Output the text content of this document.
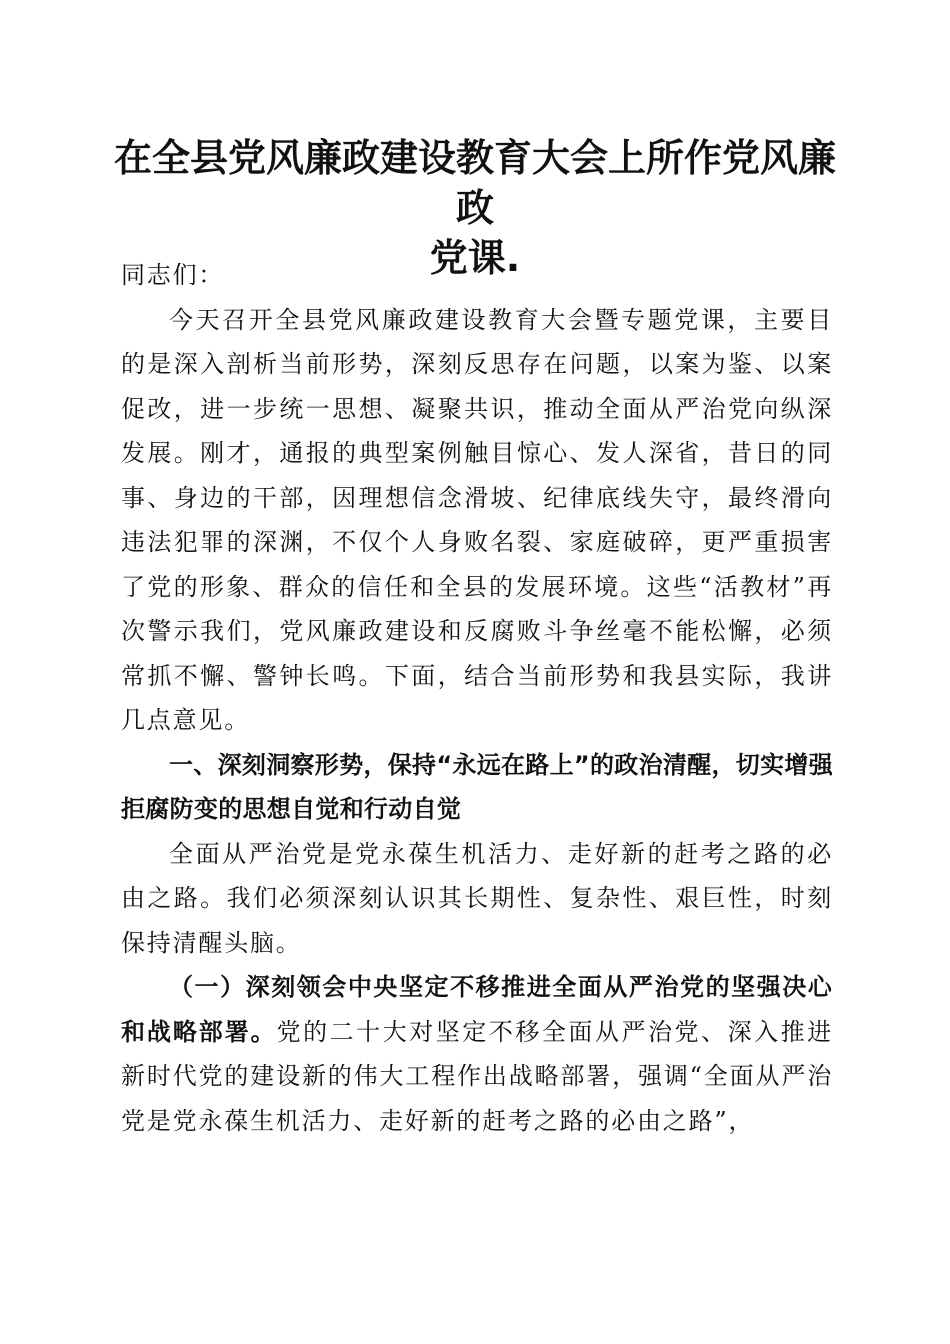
在全县党风廉政建设教育大会上所作党风廉政
党课.

同志们：

今天召开全县党风廉政建设教育大会暨专题党课，主要目的是深入剖析当前形势，深刻反思存在问题，以案为鉴、以案促改，进一步统一思想、凝聚共识，推动全面从严治党向纵深发展。刚才，通报的典型案例触目惊心、发人深省，昔日的同事、身边的干部，因理想信念滑坡、纪律底线失守，最终滑向违法犯罪的深渊，不仅个人身败名裂、家庭破碎，更严重损害了党的形象、群众的信任和全县的发展环境。这些“活教材”再次警示我们，党风廉政建设和反腐败斗争丝毫不能松懈，必须常抓不懈、警钟长鸣。下面，结合当前形势和我县实际，我讲几点意见。

一、深刻洞察形势，保持“永远在路上”的政治清醒，切实增强拒腐防变的思想自觉和行动自觉

全面从严治党是党永葆生机活力、走好新的赶考之路的必由之路。我们必须深刻认识其长期性、复杂性、艰巨性，时刻保持清醒头脑。

（一）深刻领会中央坚定不移推进全面从严治党的坚强决心和战略部署。党的二十大对坚定不移全面从严治党、深入推进新时代党的建设新的伟大工程作出战略部署，强调“全面从严治党是党永葆生机活力、走好新的赶考之路的必由之路”，
